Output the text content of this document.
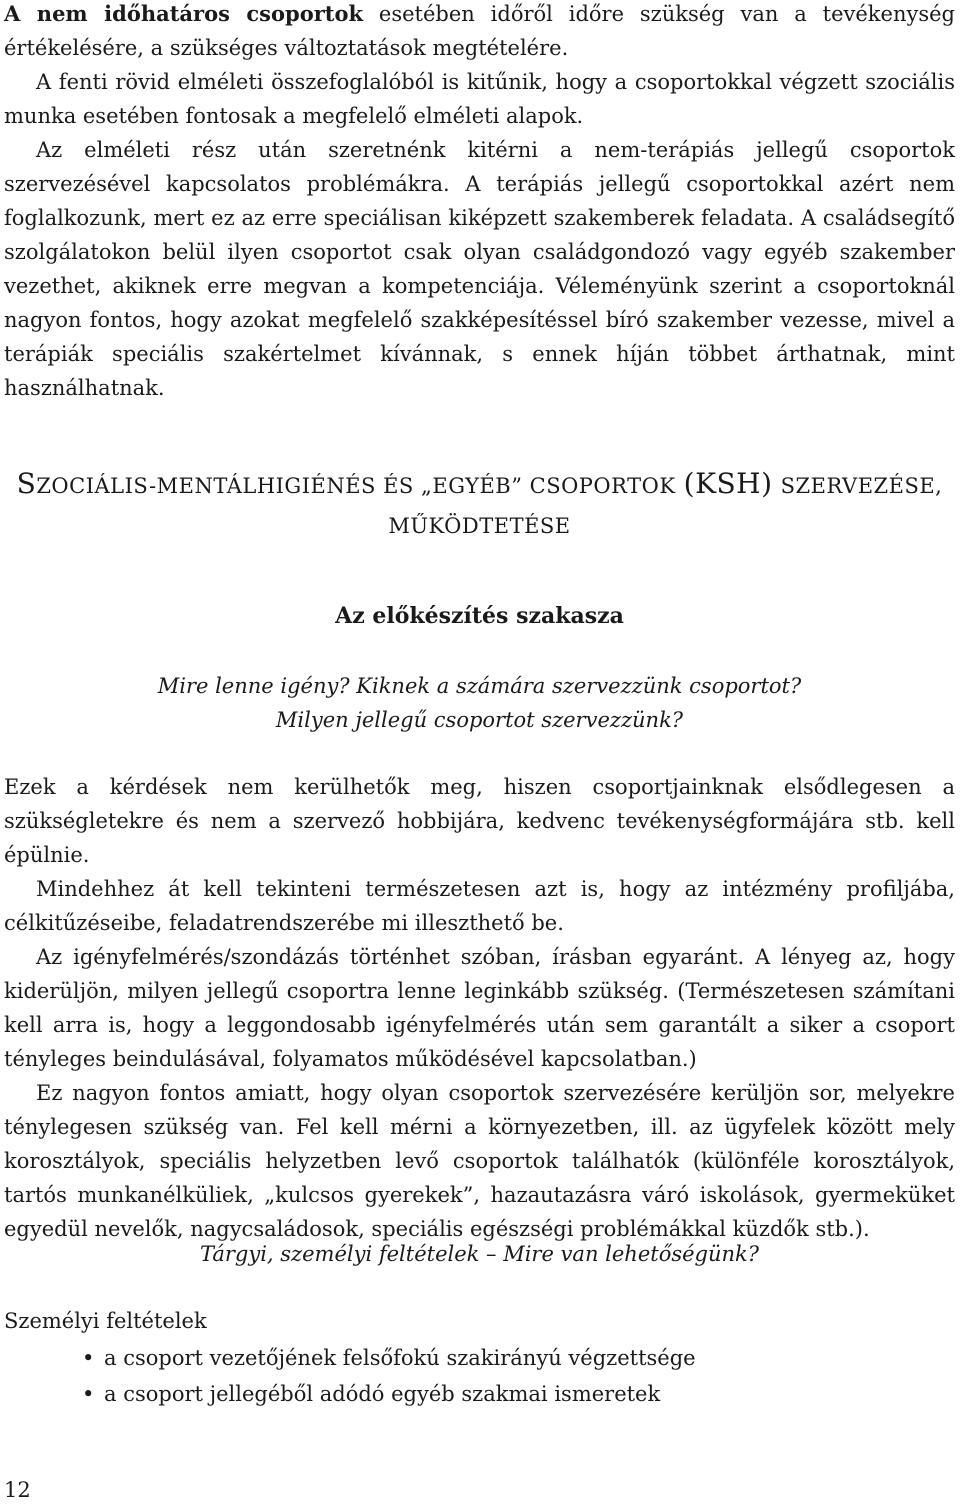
A nem időhatáros csoportok esetében időről időre szükség van a tevékenység értékelésére, a szükséges változtatások megtételére.

A fenti rövid elméleti összefoglalóból is kitűnik, hogy a csoportokkal végzett szociális munka esetében fontosak a megfelelő elméleti alapok.

Az elméleti rész után szeretnénk kitérni a nem-terápiás jellegű csoportok szervezésével kapcsolatos problémákra. A terápiás jellegű csoportokkal azért nem foglalkozunk, mert ez az erre speciálisan kiképzett szakemberek feladata. A családsegítő szolgálatokon belül ilyen csoportot csak olyan családgondozó vagy egyéb szakember vezethet, akiknek erre megvan a kompetenciája. Véleményünk szerint a csoportoknál nagyon fontos, hogy azokat megfelelő szakképesítéssel bíró szakember vezesse, mivel a terápiák speciális szakértelmet kívánnak, s ennek híján többet árthatnak, mint használhatnak.

SZOCIÁLIS-MENTÁLHIGIÉNÉS ÉS „EGYÉB” CSOPORTOK (KSH) SZERVEZÉSE,
MŰKÖDTETÉSE
Az előkészítés szakasza
Mire lenne igény? Kiknek a számára szervezzünk csoportot?
Milyen jellegű csoportot szervezzünk?

Ezek a kérdések nem kerülhetők meg, hiszen csoportjainknak elsődlegesen a szükségletekre és nem a szervező hobbijára, kedvenc tevékenységformájára stb. kell épülnie.

Mindehhez át kell tekinteni természetesen azt is, hogy az intézmény profiljába, célkitűzéseibe, feladatrendszerébe mi illeszthető be.

Az igényfelmérés/szondázás történhet szóban, írásban egyaránt. A lényeg az, hogy kiderüljön, milyen jellegű csoportra lenne leginkább szükség. (Természetesen számítani kell arra is, hogy a leggondosabb igényfelmérés után sem garantált a siker a csoport tényleges beindulásával, folyamatos működésével kapcsolatban.)

Ez nagyon fontos amiatt, hogy olyan csoportok szervezésére kerüljön sor, melyekre ténylegesen szükség van. Fel kell mérni a környezetben, ill. az ügyfelek között mely korosztályok, speciális helyzetben levő csoportok találhatók (különféle korosztályok, tartós munkanélküliek, „kulcsos gyerekek”, hazautazásra váró iskolások, gyermeküket egyedül nevelők, nagycsaládosok, speciális egészségi problémákkal küzdők stb.).

Tárgyi, személyi feltételek – Mire van lehetőségünk?
Személyi feltételek
• a csoport vezetőjének felsőfokú szakirányú végzettsége
• a csoport jellegéből adódó egyéb szakmai ismeretek
12
